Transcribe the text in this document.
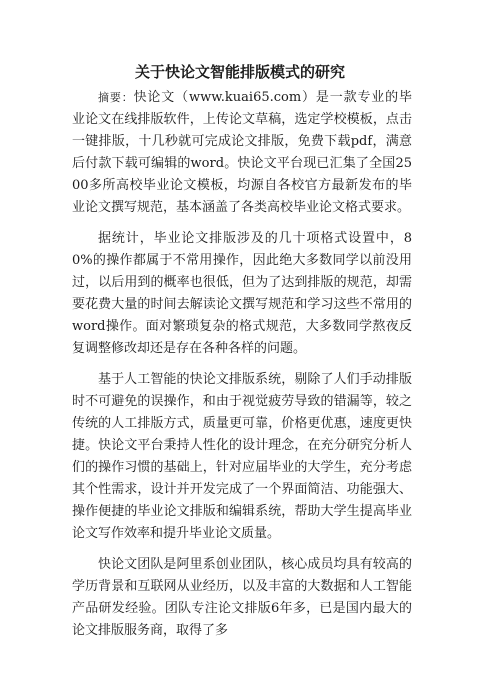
关于快论文智能排版模式的研究

摘要：快论文（www.kuai65.com）是一款专业的毕业论文在线排版软件，上传论文草稿，选定学校模板，点击一键排版，十几秒就可完成论文排版，免费下载pdf，满意后付款下载可编辑的word。快论文平台现已汇集了全国2500多所高校毕业论文模板，均源自各校官方最新发布的毕业论文撰写规范，基本涵盖了各类高校毕业论文格式要求。

据统计，毕业论文排版涉及的几十项格式设置中，80%的操作都属于不常用操作，因此绝大多数同学以前没用过，以后用到的概率也很低，但为了达到排版的规范，却需要花费大量的时间去解读论文撰写规范和学习这些不常用的word操作。面对繁琐复杂的格式规范，大多数同学熬夜反复调整修改却还是存在各种各样的问题。

基于人工智能的快论文排版系统，剔除了人们手动排版时不可避免的误操作，和由于视觉疲劳导致的错漏等，较之传统的人工排版方式，质量更可靠，价格更优惠，速度更快捷。快论文平台秉持人性化的设计理念，在充分研究分析人们的操作习惯的基础上，针对应届毕业的大学生，充分考虑其个性需求，设计并开发完成了一个界面简洁、功能强大、操作便捷的毕业论文排版和编辑系统，帮助大学生提高毕业论文写作效率和提升毕业论文质量。

快论文团队是阿里系创业团队，核心成员均具有较高的学历背景和互联网从业经历，以及丰富的大数据和人工智能产品研发经验。团队专注论文排版6年多，已是国内最大的论文排版服务商，取得了多
